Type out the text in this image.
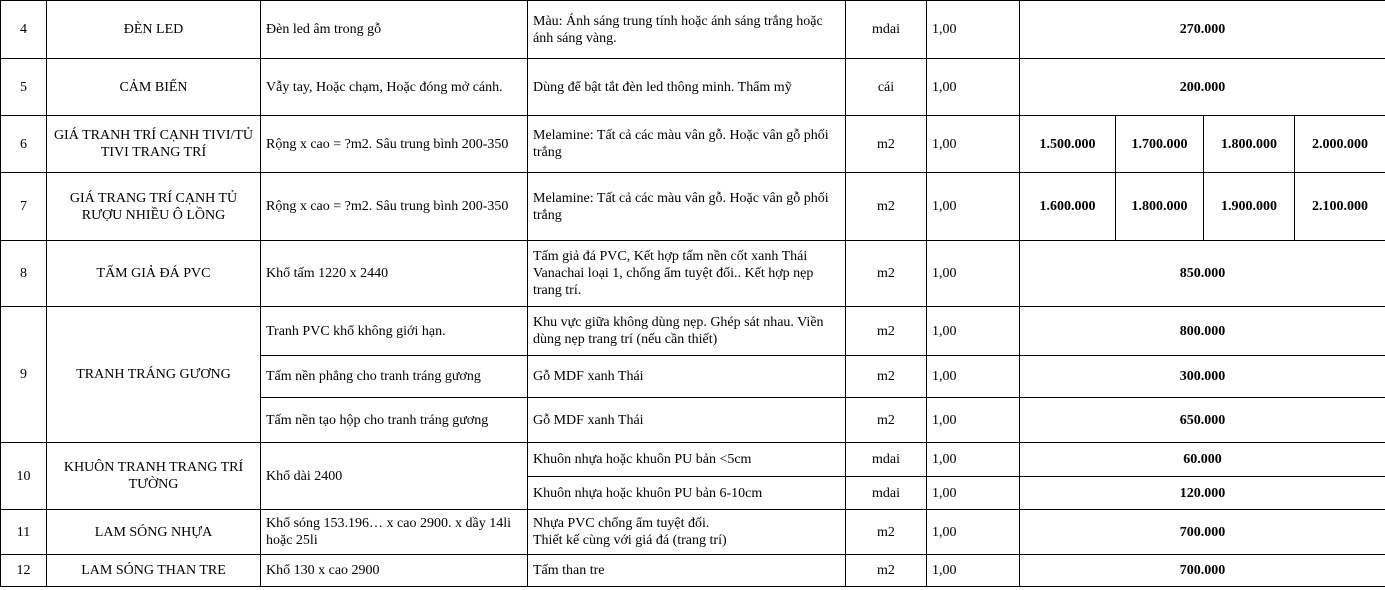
4	ĐÈN LED	Đèn led âm trong gỗ	Màu: Ánh sáng trung tính hoặc ánh sáng trắng hoặc ánh sáng vàng.	mdai	1,00	270.000			
5	CẢM BIẾN	Vẫy tay, Hoặc chạm, Hoặc đóng mở cánh.	Dùng để bật tắt đèn led thông minh. Thẩm mỹ	cái	1,00	200.000			
6	GIÁ TRANH TRÍ CẠNH TIVI/TỦ TIVI TRANG TRÍ	Rộng x cao = ?m2. Sâu trung bình 200-350	Melamine: Tất cả các màu vân gỗ. Hoặc vân gỗ phối trắng	m2	1,00	1.500.000	1.700.000	1.800.000	2.000.000
7	GIÁ TRANG TRÍ CẠNH TỦ RƯỢU NHIỀU Ô LỒNG	Rộng x cao = ?m2. Sâu trung bình 200-350	Melamine: Tất cả các màu vân gỗ. Hoặc vân gỗ phối trắng	m2	1,00	1.600.000	1.800.000	1.900.000	2.100.000
8	TẤM GIẢ ĐÁ PVC	Khổ tấm 1220 x 2440	Tấm giả đá PVC, Kết hợp tấm nền cốt xanh Thái Vanachai loại 1, chống ẩm tuyệt đối.. Kết hợp nẹp trang trí.	m2	1,00	850.000			
9	TRANH TRÁNG GƯƠNG	Tranh PVC khổ không giới hạn.	Khu vực giữa không dùng nẹp. Ghép sát nhau. Viền dùng nẹp trang trí (nếu cần thiết)	m2	1,00	800.000			
		Tấm nền phẳng cho tranh tráng gương	Gỗ MDF xanh Thái	m2	1,00	300.000			
		Tấm nền tạo hộp cho tranh tráng gương	Gỗ MDF xanh Thái	m2	1,00	650.000			
10	KHUÔN TRANH TRANG TRÍ TƯỜNG	Khổ dài 2400	Khuôn nhựa hoặc khuôn PU bản <5cm	mdai	1,00	60.000			
			Khuôn nhựa hoặc khuôn PU bản 6-10cm	mdai	1,00	120.000			
11	LAM SÓNG NHỰA	Khổ sóng 153.196… x cao 2900. x dầy 14li hoặc 25li	Nhựa PVC chống ẩm tuyệt đối.
Thiết kế cùng với giá đá (trang trí)	m2	1,00	700.000			
12	LAM SÓNG THAN TRE	Khổ 130 x cao 2900	Tấm than tre	m2	1,00	700.000			
